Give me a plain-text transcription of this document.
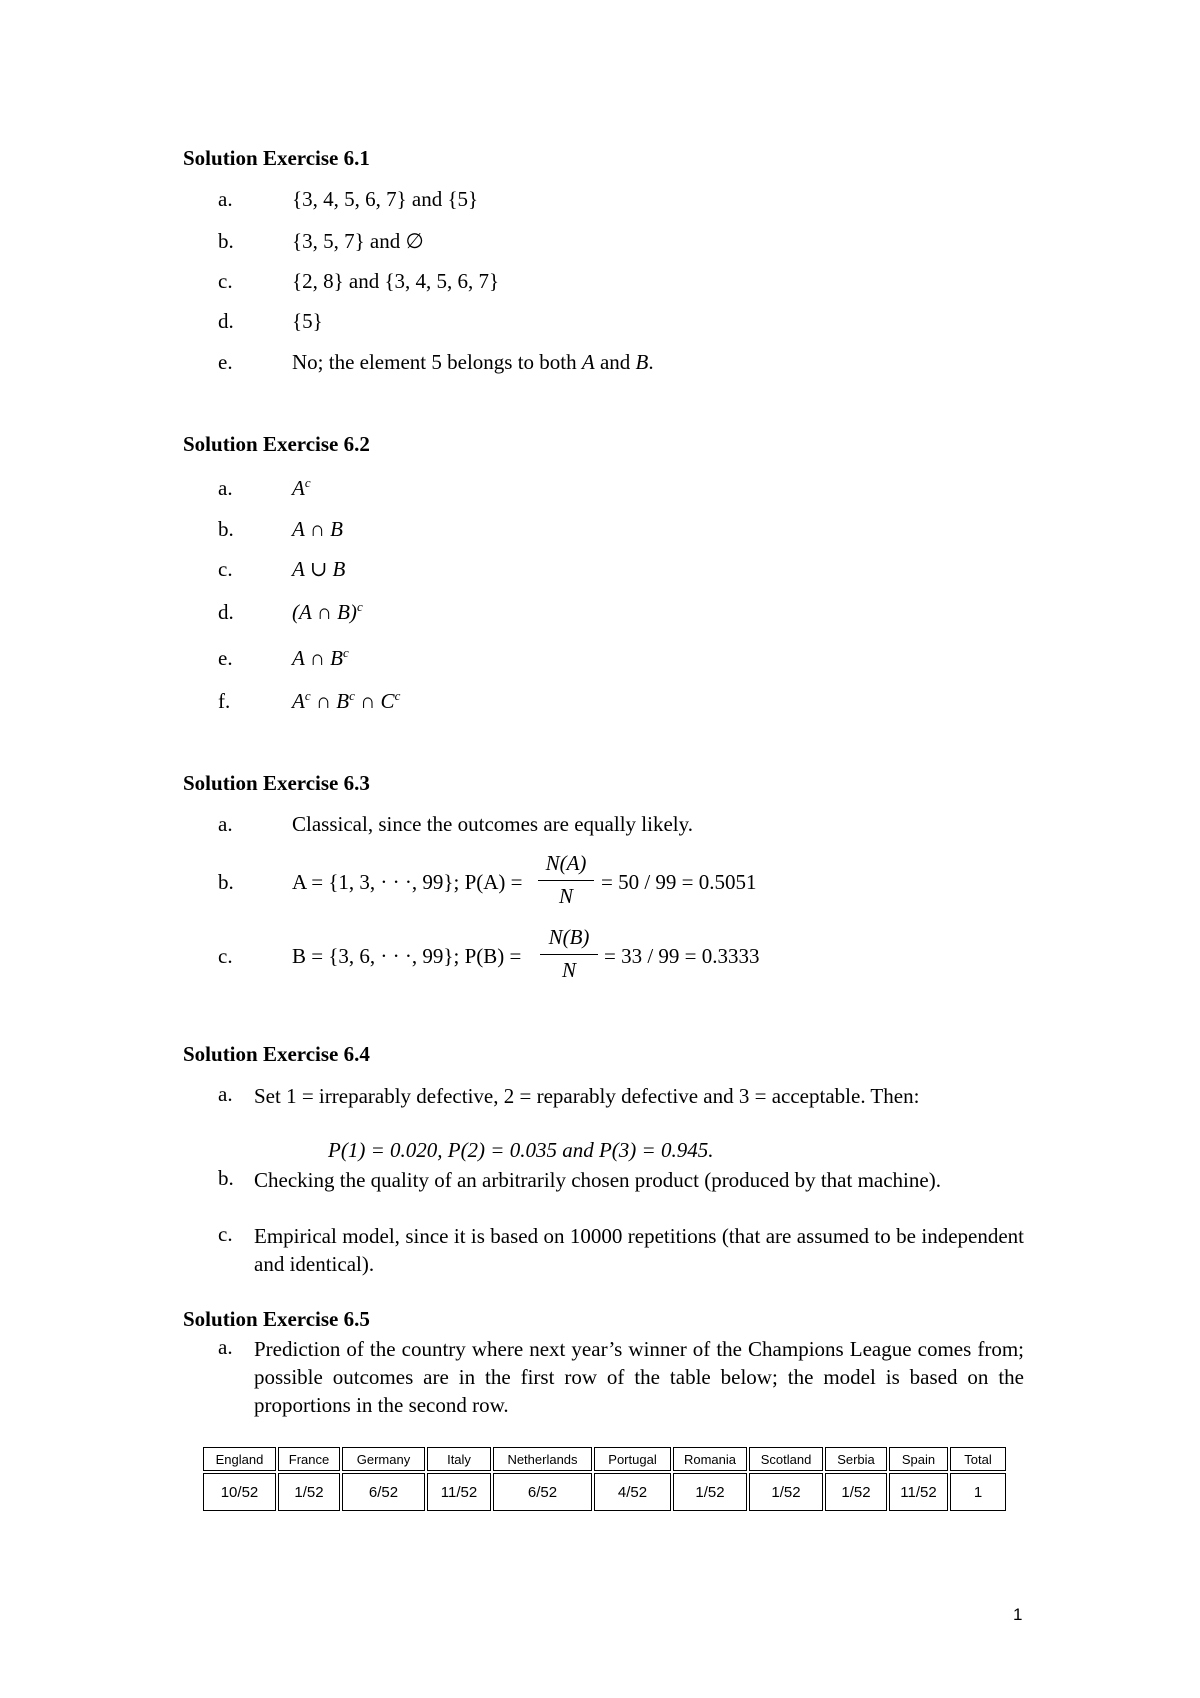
Solution Exercise 6.1
a.	{3, 4, 5, 6, 7} and {5}
b.	{3, 5, 7} and ∅
c.	{2, 8} and {3, 4, 5, 6, 7}
d.	{5}
e.	No; the element 5 belongs to both A and B.
Solution Exercise 6.2
a.	$A^c$
b.	A ∩ B
c.	A ∪ B
d.	(A ∩ B)$^c$
e.	A ∩ $B^c$
f.	$A^c$ ∩ $B^c$ ∩ $C^c$
Solution Exercise 6.3
a.	Classical, since the outcomes are equally likely.
b.	A = {1, 3, · · ·, 99}; P(A) =
N(A)
N
= 50 / 99 = 0.5051
c.	B = {3, 6, · · ·, 99}; P(B) =
N(B)
N
= 33 / 99 = 0.3333
Solution Exercise 6.4
a. Set 1 = irreparably defective, 2 = reparably defective and 3 = acceptable. Then:
P(1) = 0.020, P(2) = 0.035 and P(3) = 0.945.
b. Checking the quality of an arbitrarily chosen product (produced by that machine).
c. Empirical model, since it is based on 10000 repetitions (that are assumed to be independent and identical).
Solution Exercise 6.5
a. Prediction of the country where next year’s winner of the Champions League comes from; possible outcomes are in the first row of the table below; the model is based on the proportions in the second row.
England	France	Germany	Italy	Netherlands	Portugal	Romania	Scotland	Serbia	Spain	Total
10/52	1/52	6/52	11/52	6/52	4/52	1/52	1/52	1/52	11/52	1
1
